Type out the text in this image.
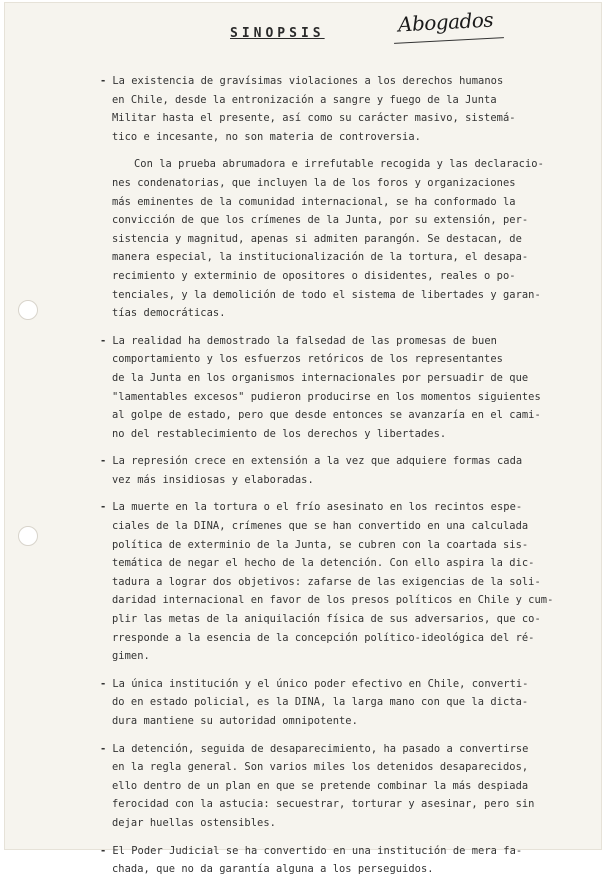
SINOPSIS	Abogados
- La existencia de gravísimas violaciones a los derechos humanos
en Chile, desde la entronización a sangre y fuego de la Junta
Militar hasta el presente, así como su carácter masivo, sistemá-
tico e incesante, no son materia de controversia.
Con la prueba abrumadora e irrefutable recogida y las declaracio-
nes condenatorias, que incluyen la de los foros y organizaciones
más eminentes de la comunidad internacional, se ha conformado la
convicción de que los crímenes de la Junta, por su extensión, per-
sistencia y magnitud, apenas si admiten parangón. Se destacan, de
manera especial, la institucionalización de la tortura, el desapa-
recimiento y exterminio de opositores o disidentes, reales o po-
tenciales, y la demolición de todo el sistema de libertades y garan-
tías democráticas.
- La realidad ha demostrado la falsedad de las promesas de buen
comportamiento y los esfuerzos retóricos de los representantes
de la Junta en los organismos internacionales por persuadir de que
"lamentables excesos" pudieron producirse en los momentos siguientes
al golpe de estado, pero que desde entonces se avanzaría en el cami-
no del restablecimiento de los derechos y libertades.
- La represión crece en extensión a la vez que adquiere formas cada
vez más insidiosas y elaboradas.
- La muerte en la tortura o el frío asesinato en los recintos espe-
ciales de la DINA, crímenes que se han convertido en una calculada
política de exterminio de la Junta, se cubren con la coartada sis-
temática de negar el hecho de la detención. Con ello aspira la dic-
tadura a lograr dos objetivos: zafarse de las exigencias de la soli-
daridad internacional en favor de los presos políticos en Chile y cum-
plir las metas de la aniquilación física de sus adversarios, que co-
rresponde a la esencia de la concepción político-ideológica del ré-
gimen.
- La única institución y el único poder efectivo en Chile, converti-
do en estado policial, es la DINA, la larga mano con que la dicta-
dura mantiene su autoridad omnipotente.
- La detención, seguida de desaparecimiento, ha pasado a convertirse
en la regla general. Son varios miles los detenidos desaparecidos,
ello dentro de un plan en que se pretende combinar la más despiada
ferocidad con la astucia: secuestrar, torturar y asesinar, pero sin
dejar huellas ostensibles.
- El Poder Judicial se ha convertido en una institución de mera fa-
chada, que no da garantía alguna a los perseguidos.
